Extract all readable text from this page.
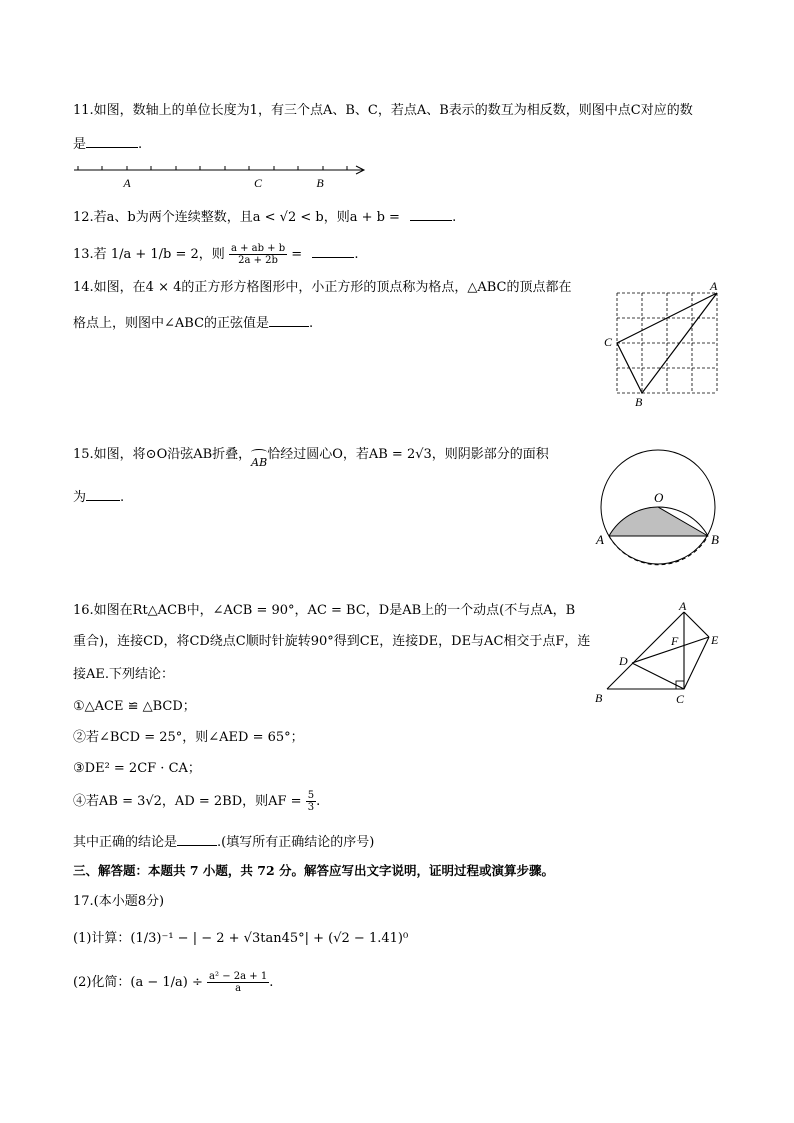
11.如图，数轴上的单位长度为1，有三个点A、B、C，若点A、B表示的数互为相反数，则图中点C对应的数
是	.
A	C	B
12.若a、b为两个连续整数，且a < √2 < b，则a + b =	.
13.若 1/a + 1/b = 2，则 $\frac{a + ab + b}{2a + 2b}$ =	.
14.如图，在4 × 4的正方形方格图形中，小正方形的顶点称为格点，△ABC的顶点都在
格点上，则图中∠ABC的正弦值是	.
A
C
B
15.如图，将⊙O沿弦AB折叠，
AB恰经过圆心O，若AB = 2√3，则阴影部分的面积
为	.	O
A	B
16.如图在Rt△ACB中，∠ACB = 90°，AC = BC，D是AB上的一个动点(不与点A，B
重合)，连接CD，将CD绕点C顺时针旋转90°得到CE，连接DE，DE与AC相交于点F，连
接AE.下列结论：
①△ACE ≌ △BCD；
②若∠BCD = 25°，则∠AED = 65°；
③DE² = 2CF · CA；
④若AB = 3√2，AD = 2BD，则AF = $\frac{5}{3}$ .
其中正确的结论是	.(填写所有正确结论的序号)
A
E
F
D
B	C
三、解答题：本题共 7 小题，共 72 分。解答应写出文字说明，证明过程或演算步骤。
17.(本小题8分)
(1)计算：(1/3)⁻¹ − | − 2 + √3tan45°| + (√2 − 1.41)⁰
(2)化简：$(a - 1/a) \div \frac{\text{a² − 2a + 1}}{a}$ .
